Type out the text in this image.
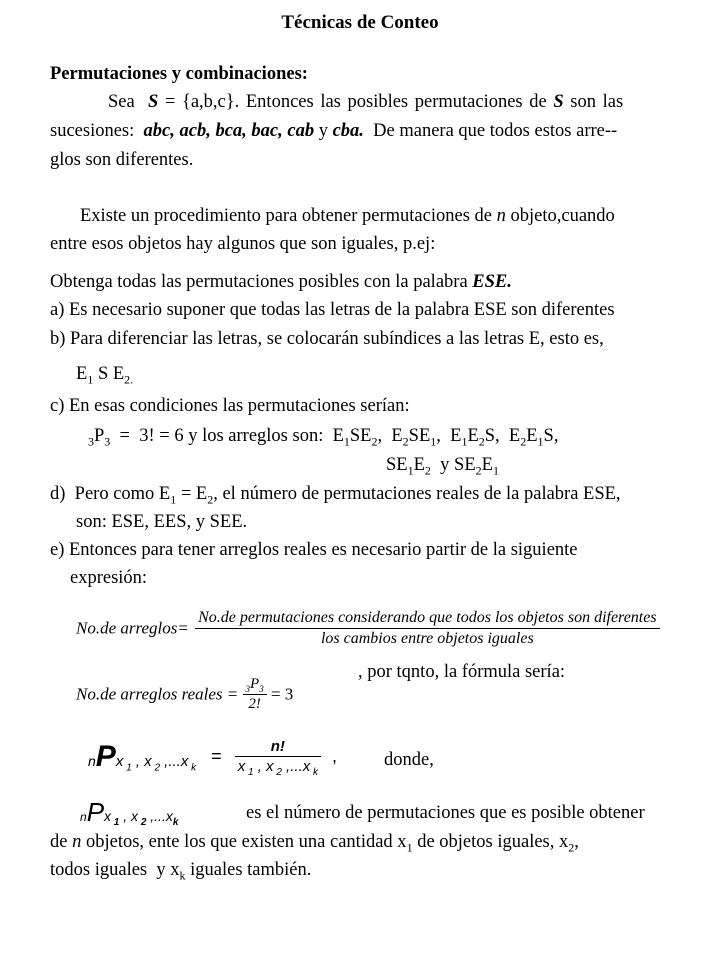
Técnicas de Conteo
Permutaciones y combinaciones:
Sea S = {a,b,c}. Entonces las posibles permutaciones de S son las
sucesiones: abc, acb, bca, bac, cab y cba. De manera que todos estos arre--
glos son diferentes.
Existe un procedimiento para obtener permutaciones de n objeto,cuando
entre esos objetos hay algunos que son iguales, p.ej:
Obtenga todas las permutaciones posibles con la palabra ESE.
a) Es necesario suponer que todas las letras de la palabra ESE son diferentes
b) Para diferenciar las letras, se colocarán subíndices a las letras E, esto es,
$E_1$ S $E_{2.}$
c) En esas condiciones las permutaciones serían:
$_3P_3 = 3$! = 6 y los arreglos son:  $E_1SE_2$,  $E_2SE_1$,  $E_1E_2S$,  $E_2E_1S$,
$SE_1E_2$  y $SE_2E_1$
d)  Pero como $E_1 = E_2$, el número de permutaciones reales de la palabra ESE,
son: ESE, EES, y SEE.
e) Entonces para tener arreglos reales es necesario partir de la siguiente
expresión:
No.de arreglos=
No.de permutaciones considerando que todos los objetos son diferentes
los cambios entre objetos iguales
, por tqnto, la fórmula sería:
No.de arreglos reales = $\frac{_3P_3}{2!} = 3$
nPx $_1$ , x $_2$ ,...x $_k = \frac{n!}{x _1 , x _2 ,...x _k}$ ,	donde,
nPx $_1$ , x $_2$ $,...x_k$	es el número de permutaciones que es posible obtener
de n objetos, ente los que existen una cantidad $x_1$ de objetos iguales, $x_2$,
todos iguales  y $x_k$ iguales también.
